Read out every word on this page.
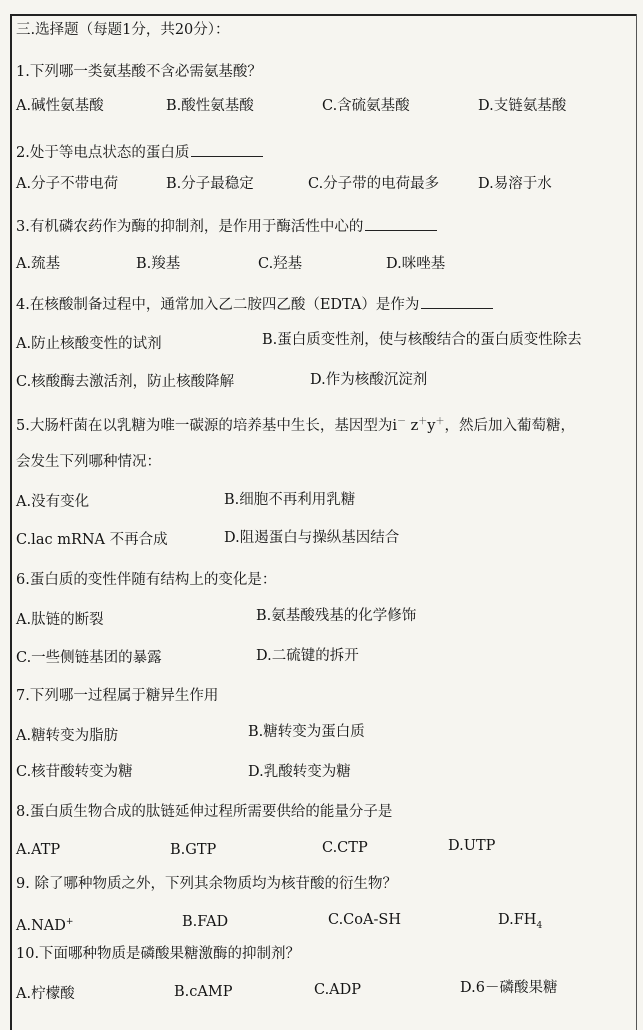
三.选择题（每题1分，共20分）：
1.下列哪一类氨基酸不含必需氨基酸？
A.碱性氨基酸	B.酸性氨基酸	C.含硫氨基酸	D.支链氨基酸
2.处于等电点状态的蛋白质
A.分子不带电荷	B.分子最稳定	C.分子带的电荷最多	D.易溶于水
3.有机磷农药作为酶的抑制剂，是作用于酶活性中心的
A.巯基	B.羧基	C.羟基	D.咪唑基
4.在核酸制备过程中，通常加入乙二胺四乙酸（EDTA）是作为
A.防止核酸变性的试剂	B.蛋白质变性剂，使与核酸结合的蛋白质变性除去
C.核酸酶去激活剂，防止核酸降解	D.作为核酸沉淀剂
5.大肠杆菌在以乳糖为唯一碳源的培养基中生长，基因型为i－ z＋y＋，然后加入葡萄糖，
会发生下列哪种情况：
A.没有变化	B.细胞不再利用乳糖
C.lac mRNA 不再合成	D.阻遏蛋白与操纵基因结合
6.蛋白质的变性伴随有结构上的变化是：
A.肽链的断裂	B.氨基酸残基的化学修饰
C.一些侧链基团的暴露	D.二硫键的拆开
7.下列哪一过程属于糖异生作用
A.糖转变为脂肪	B.糖转变为蛋白质
C.核苷酸转变为糖	D.乳酸转变为糖
8.蛋白质生物合成的肽链延伸过程所需要供给的能量分子是
A.ATP	B.GTP	C.CTP	D.UTP
9. 除了哪种物质之外，下列其余物质均为核苷酸的衍生物？
A.NAD+	B.FAD	C.CoA-SH	$D.FH_4$
10.下面哪种物质是磷酸果糖激酶的抑制剂？
A.柠檬酸	B.cAMP	C.ADP	D.6－磷酸果糖
